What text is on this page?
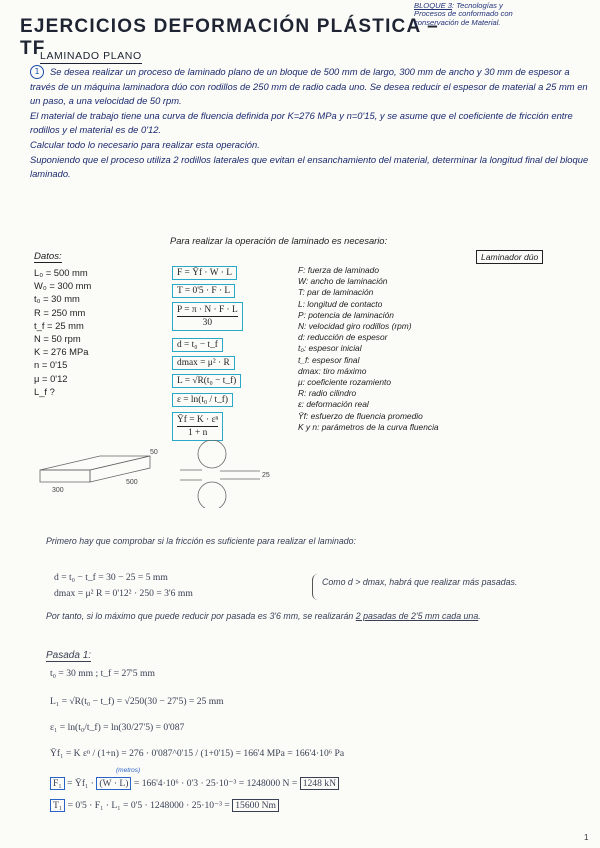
EJERCICIOS DEFORMACIÓN PLÁSTICA – TF
BLOQUE 3: Tecnologías y
Procesos de conformado con
conservación de Material.
LAMINADO PLANO
1	Se desea realizar un proceso de laminado plano de un bloque de 500 mm de largo, 300 mm de ancho y 30 mm de espesor a través de un máquina laminadora dúo con rodillos de 250 mm de radio cada uno. Se desea reducir el espesor de material a 25 mm en un paso, a una velocidad de 50 rpm.

El material de trabajo tiene una curva de fluencia definida por K=276 MPa y n=0'15, y se asume que el coeficiente de fricción entre rodillos y el material es de 0'12.

Calcular todo lo necesario para realizar esta operación.

Suponiendo que el proceso utiliza 2 rodillos laterales que evitan el ensanchamiento del material, determinar la longitud final del bloque laminado.

Para realizar la operación de laminado es necesario:
Laminador dúo
Datos:
L₀ = 500 mm
W₀ = 300 mm
t₀ = 30 mm
R = 250 mm
t_f = 25 mm
N = 50 rpm
K = 276 MPa
n = 0'15
μ = 0'12
L_f ?
F = Ȳf · W · L
T = 0'5 · F · L
$\frac{P = \pi \cdot N \cdot F \cdot L}{30}$
d = t₀ − t_f
dmax = μ² · R
L = √R(t₀ − t_f)
ε = ln(t₀ / t_f)
$\frac{\text{Ȳf = K · εⁿ}}{1 + n}$
F: fuerza de laminado
W: ancho de laminación
T: par de laminación
L: longitud de contacto
P: potencia de laminación
N: velocidad giro rodillos (rpm)
d: reducción de espesor
t₀: espesor inicial
t_f: espesor final
dmax: tiro máximo
μ: coeficiente rozamiento
R: radio cilindro
ε: deformación real
Ȳf: esfuerzo de fluencia promedio
K y n: parámetros de la curva fluencia
50
300
500
25
Primero hay que comprobar si la fricción es suficiente para realizar el laminado:
d = t₀ − t_f = 30 − 25 = 5 mm
dmax = μ² R = 0'12² · 250 = 3'6 mm
Como d > dmax, habrá que realizar más pasadas.
Por tanto, si lo máximo que puede reducir por pasada es 3'6 mm, se realizarán 2 pasadas de 2'5 mm cada una.
Pasada 1:
t₀ = 30 mm ; t_f = 27'5 mm
L₁ = √R(t₀ − t_f) = √250(30 − 27'5) = 25 mm
ε₁ = ln(t₀/t_f) = ln(30/27'5) = 0'087
Ȳf₁ = K εⁿ / (1+n) = 276 · 0'087^0'15 / (1+0'15) = 166'4 MPa = 166'4·10⁶ Pa
(metros)
F₁ = Ȳf₁ · (W · L) = 166'4·10⁶ · 0'3 · 25·10⁻³ = 1248000 N = 1248 kN
T₁ = 0'5 · F₁ · L₁ = 0'5 · 1248000 · 25·10⁻³ = 15600 Nm
1
